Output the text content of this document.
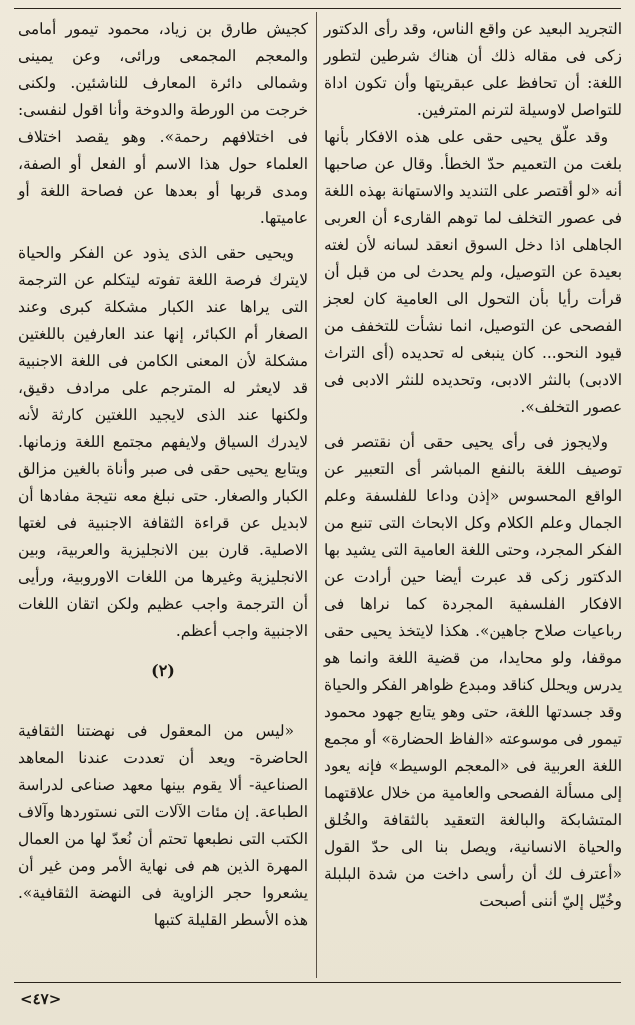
التجريد البعيد عن واقع الناس، وقد رأى الدكتور زكى فى مقاله ذلك أن هناك شرطين لتطور اللغة: أن تحافظ على عبقريتها وأن تكون اداة للتواصل لاوسيلة لترنم المترفين.

وقد علّق يحيى حقى على هذه الافكار بأنها بلغت من التعميم حدّ الخطأ. وقال عن صاحبها أنه «لو أقتصر على التنديد والاستهانة بهذه اللغة فى عصور التخلف لما توهم القارىء أن العربى الجاهلى اذا دخل السوق انعقد لسانه لأن لغته بعيدة عن التوصيل، ولم يحدث لى من قبل أن قرأت رأيا بأن التحول الى العامية كان لعجز الفصحى عن التوصيل، انما نشأت للتخفف من قيود النحو... كان ينبغى له تحديده (أى التراث الادبى) بالنثر الادبى، وتحديده للنثر الادبى فى عصور التخلف».

ولايجوز فى رأى يحيى حقى أن نقتصر فى توصيف اللغة بالنفع المباشر أى التعبير عن الواقع المحسوس «إذن وداعا للفلسفة وعلم الجمال وعلم الكلام وكل الابحاث التى تنبع من الفكر المجرد، وحتى اللغة العامية التى يشيد بها الدكتور زكى قد عبرت أيضا حين أرادت عن الافكار الفلسفية المجردة كما نراها فى رباعيات صلاح جاهين». هكذا لايتخذ يحيى حقى موقفا، ولو محايدا، من قضية اللغة وانما هو يدرس ويحلل كناقد ومبدع ظواهر الفكر والحياة وقد جسدتها اللغة، حتى وهو يتابع جهود محمود تيمور فى موسوعته «الفاظ الحضارة» أو مجمع اللغة العربية فى «المعجم الوسيط» فإنه يعود إلى مسألة الفصحى والعامية من خلال علاقتهما المتشابكة والبالغة التعقيد بالثقافة والخُلق والحياة الانسانية، ويصل بنا الى حدّ القول «أعترف لك أن رأسى داخت من شدة البلبلة وخُيّل إليّ أننى أصبحت

كجيش طارق بن زياد، محمود تيمور أمامى والمعجم المجمعى ورائى، وعن يمينى وشمالى دائرة المعارف للناشئين. ولكنى خرجت من الورطة والدوخة وأنا اقول لنفسى: فى اختلافهم رحمة». وهو يقصد اختلاف العلماء حول هذا الاسم أو الفعل أو الصفة، ومدى قربها أو بعدها عن فصاحة اللغة أو عاميتها.

ويحيى حقى الذى يذود عن الفكر والحياة لايترك فرصة اللغة تفوته ليتكلم عن الترجمة التى يراها عند الكبار مشكلة كبرى وعند الصغار أم الكبائر، إنها عند العارفين باللغتين مشكلة لأن المعنى الكامن فى اللغة الاجنبية قد لايعثر له المترجم على مرادف دقيق، ولكنها عند الذى لايجيد اللغتين كارثة لأنه لايدرك السياق ولايفهم مجتمع اللغة وزمانها. ويتابع يحيى حقى فى صبر وأناة بالغين مزالق الكبار والصغار. حتى نبلغ معه نتيجة مفادها أن لابديل عن قراءة الثقافة الاجنبية فى لغتها الاصلية. قارن بين الانجليزية والعربية، وبين الانجليزية وغيرها من اللغات الاوروبية، ورأيى أن الترجمة واجب عظيم ولكن اتقان اللغات الاجنبية واجب أعظم.

(٢)

«ليس من المعقول فى نهضتنا الثقافية الحاضرة- ويعد أن تعددت عندنا المعاهد الصناعية- ألا يقوم بينها معهد صناعى لدراسة الطباعة. إن مئات الآلات التى نستوردها وآلاف الكتب التى نطبعها تحتم أن نُعدّ لها من العمال المهرة الذين هم فى نهاية الأمر ومن غير أن يشعروا حجر الزاوية فى النهضة الثقافية». هذه الأسطر القليلة كتبها

<٤٧>
